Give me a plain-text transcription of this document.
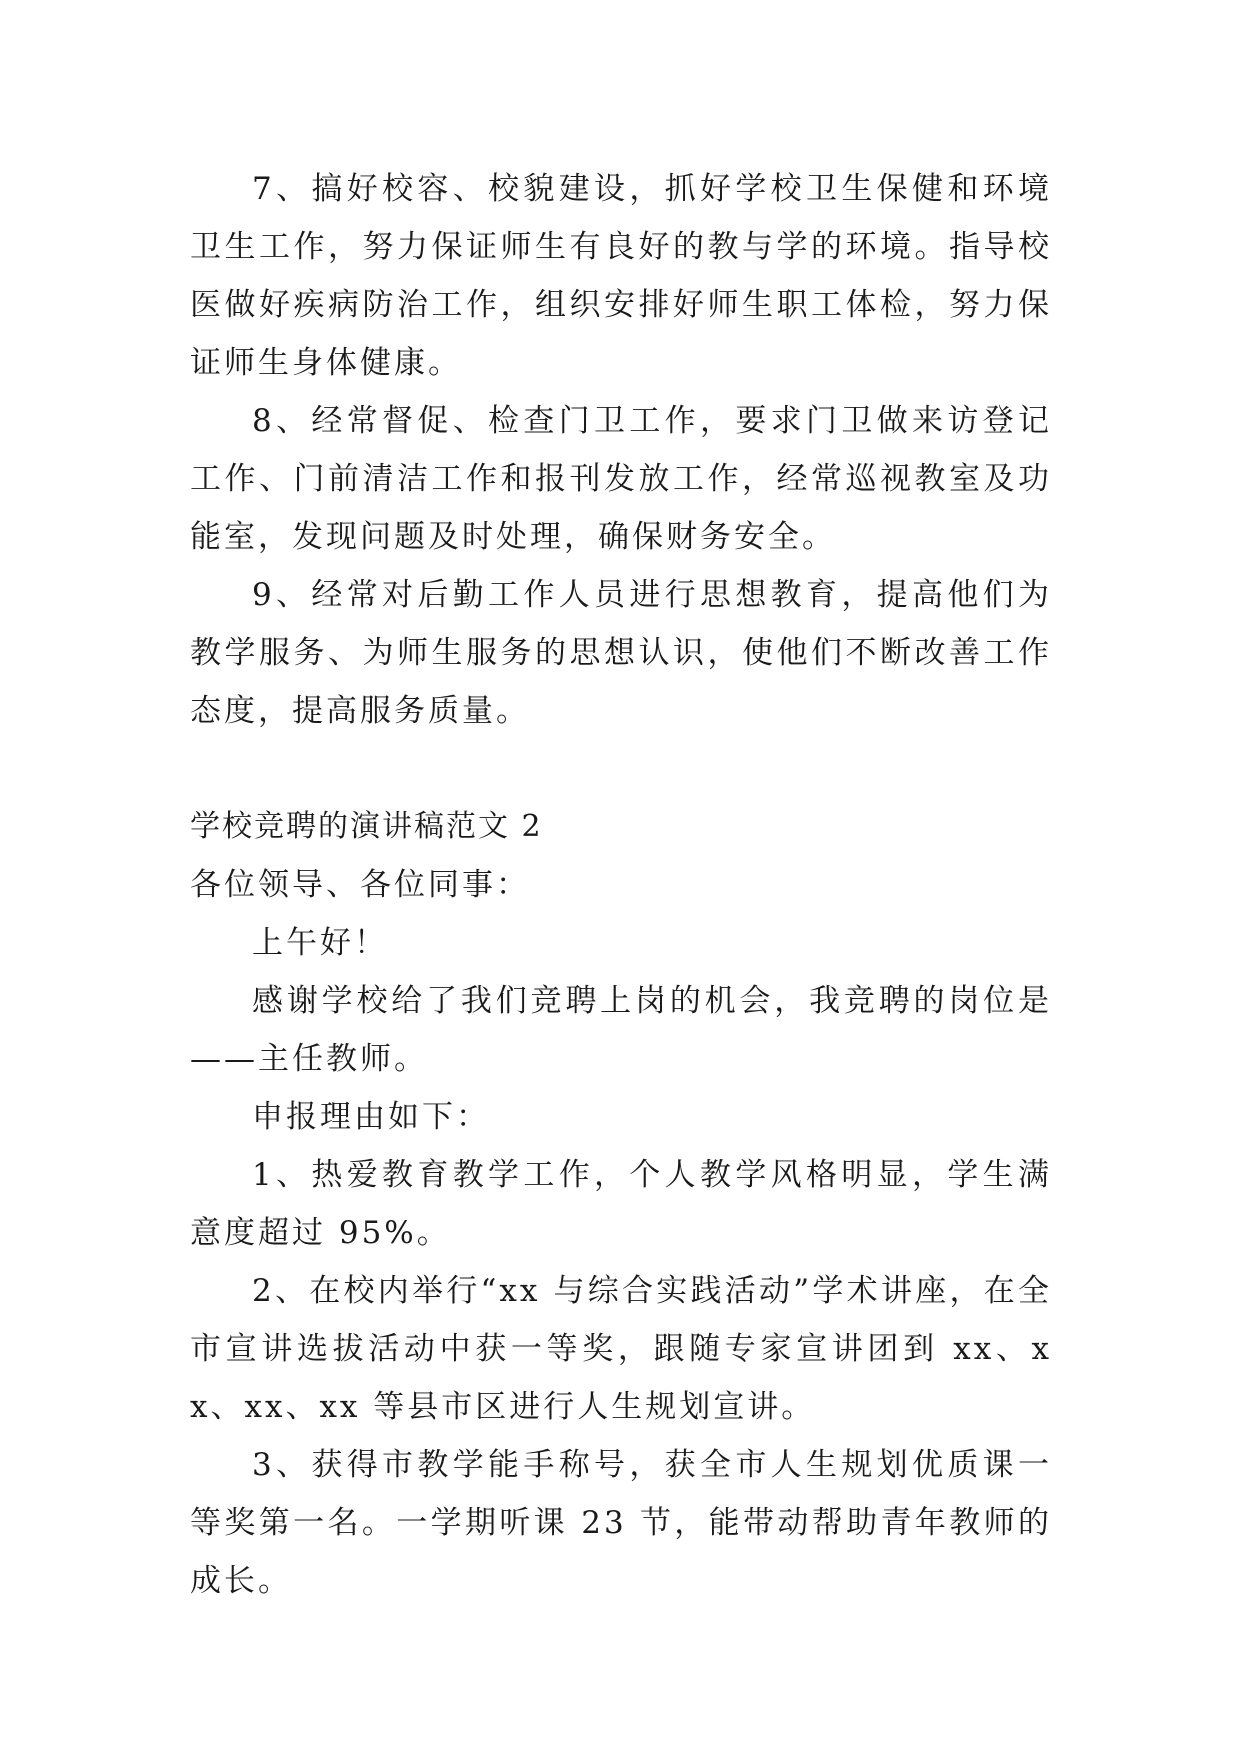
7、搞好校容、校貌建设，抓好学校卫生保健和环境卫生工作，努力保证师生有良好的教与学的环境。指导校医做好疾病防治工作，组织安排好师生职工体检，努力保证师生身体健康。

8、经常督促、检查门卫工作，要求门卫做来访登记工作、门前清洁工作和报刊发放工作，经常巡视教室及功能室，发现问题及时处理，确保财务安全。

9、经常对后勤工作人员进行思想教育，提高他们为教学服务、为师生服务的思想认识，使他们不断改善工作态度，提高服务质量。

学校竞聘的演讲稿范文 2

各位领导、各位同事：

上午好！

感谢学校给了我们竞聘上岗的机会，我竞聘的岗位是——主任教师。

申报理由如下：

1、热爱教育教学工作，个人教学风格明显，学生满意度超过 95%。

2、在校内举行“xx 与综合实践活动”学术讲座，在全市宣讲选拔活动中获一等奖，跟随专家宣讲团到 xx、xx、xx、xx 等县市区进行人生规划宣讲。

3、获得市教学能手称号，获全市人生规划优质课一等奖第一名。一学期听课 23 节，能带动帮助青年教师的成长。
